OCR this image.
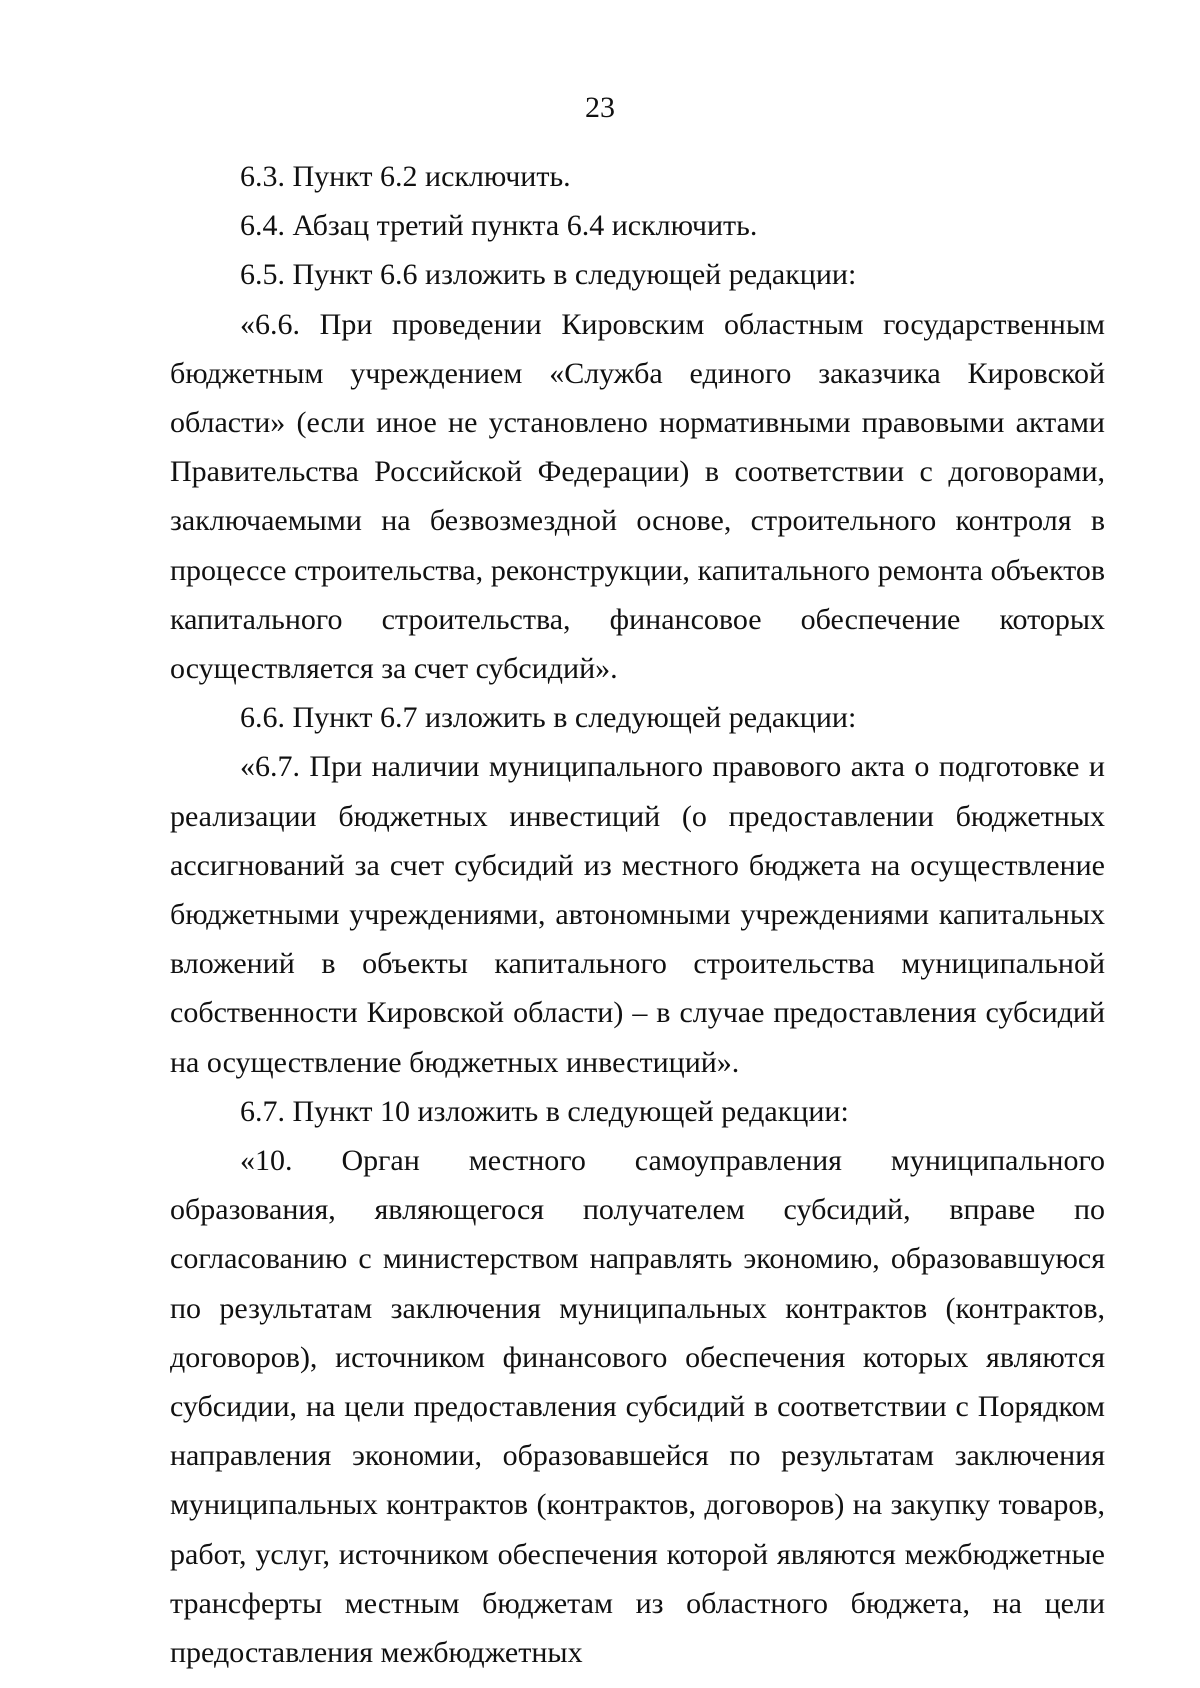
23

6.3. Пункт 6.2 исключить.

6.4. Абзац третий пункта 6.4 исключить.

6.5. Пункт 6.6 изложить в следующей редакции:

«6.6. При проведении Кировским областным государственным бюджетным учреждением «Служба единого заказчика Кировской области» (если иное не установлено нормативными правовыми актами Правительства Российской Федерации) в соответствии с договорами, заключаемыми на безвозмездной основе, строительного контроля в процессе строительства, реконструкции, капитального ремонта объектов капитального строительства, финансовое обеспечение которых осуществляется за счет субсидий».

6.6. Пункт 6.7 изложить в следующей редакции:

«6.7. При наличии муниципального правового акта о подготовке и реализации бюджетных инвестиций (о предоставлении бюджетных ассигнований за счет субсидий из местного бюджета на осуществление бюджетными учреждениями, автономными учреждениями капитальных вложений в объекты капитального строительства муниципальной собственности Кировской области) – в случае предоставления субсидий на осуществление бюджетных инвестиций».

6.7. Пункт 10 изложить в следующей редакции:

«10. Орган местного самоуправления муниципального образования, являющегося получателем субсидий, вправе по согласованию с министерством направлять экономию, образовавшуюся по результатам заключения муниципальных контрактов (контрактов, договоров), источником финансового обеспечения которых являются субсидии, на цели предоставления субсидий в соответствии с Порядком направления экономии, образовавшейся по результатам заключения муниципальных контрактов (контрактов, договоров) на закупку товаров, работ, услуг, источником обеспечения которой являются межбюджетные трансферты местным бюджетам из областного бюджета, на цели предоставления межбюджетных
